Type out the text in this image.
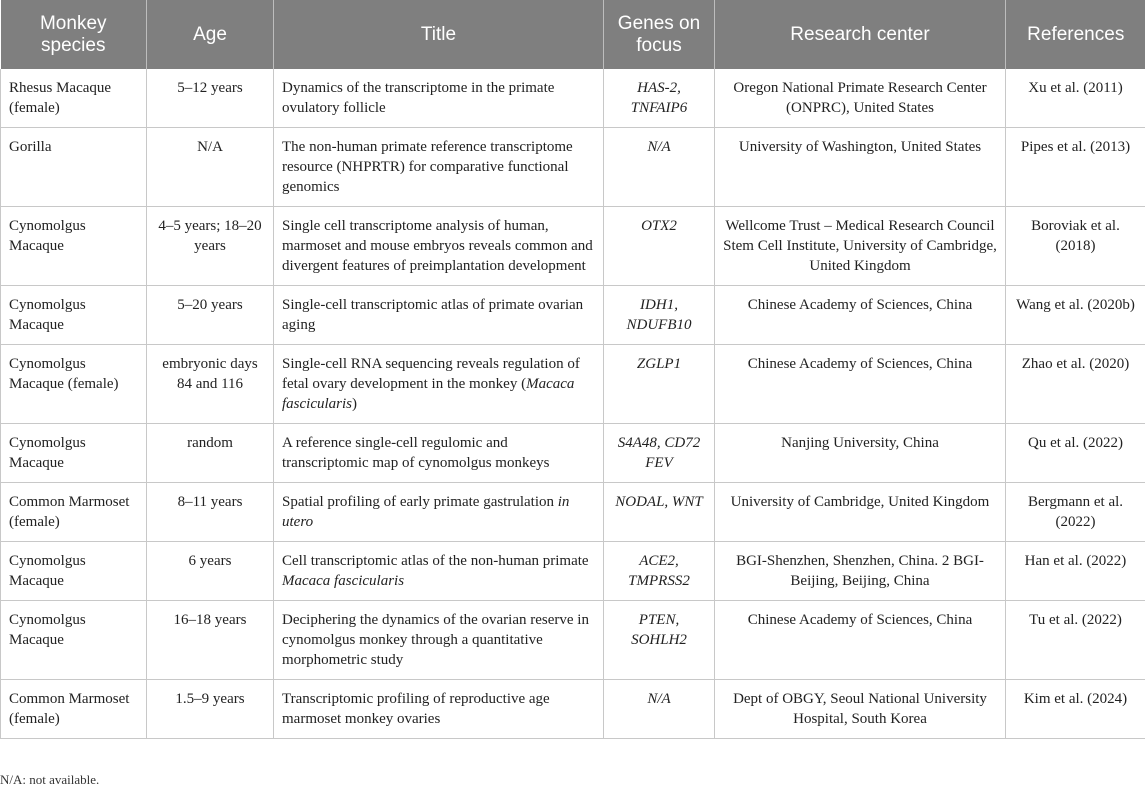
Monkey species	Age	Title	Genes on focus	Research center	References
Rhesus Macaque (female)	5–12 years	Dynamics of the transcriptome in the primate ovulatory follicle	HAS-2, TNFAIP6	Oregon National Primate Research Center (ONPRC), United States	Xu et al. (2011)
Gorilla	N/A	The non-human primate reference transcriptome resource (NHPRTR) for comparative functional genomics	N/A	University of Washington, United States	Pipes et al. (2013)
Cynomolgus Macaque	4–5 years; 18–20 years	Single cell transcriptome analysis of human, marmoset and mouse embryos reveals common and divergent features of preimplantation development	OTX2	Wellcome Trust – Medical Research Council Stem Cell Institute, University of Cambridge, United Kingdom	Boroviak et al. (2018)
Cynomolgus Macaque	5–20 years	Single-cell transcriptomic atlas of primate ovarian aging	IDH1, NDUFB10	Chinese Academy of Sciences, China	Wang et al. (2020b)
Cynomolgus Macaque (female)	embryonic days 84 and 116	Single-cell RNA sequencing reveals regulation of fetal ovary development in the monkey (Macaca fascicularis)	ZGLP1	Chinese Academy of Sciences, China	Zhao et al. (2020)
Cynomolgus Macaque	random	A reference single-cell regulomic and transcriptomic map of cynomolgus monkeys	S4A48, CD72 FEV	Nanjing University, China	Qu et al. (2022)
Common Marmoset (female)	8–11 years	Spatial profiling of early primate gastrulation in utero	NODAL, WNT	University of Cambridge, United Kingdom	Bergmann et al. (2022)
Cynomolgus Macaque	6 years	Cell transcriptomic atlas of the non-human primate Macaca fascicularis	ACE2, TMPRSS2	BGI-Shenzhen, Shenzhen, China. 2 BGI-Beijing, Beijing, China	Han et al. (2022)
Cynomolgus Macaque	16–18 years	Deciphering the dynamics of the ovarian reserve in cynomolgus monkey through a quantitative morphometric study	PTEN, SOHLH2	Chinese Academy of Sciences, China	Tu et al. (2022)
Common Marmoset (female)	1.5–9 years	Transcriptomic profiling of reproductive age marmoset monkey ovaries	N/A	Dept of OBGY, Seoul National University Hospital, South Korea	Kim et al. (2024)
N/A: not available.
